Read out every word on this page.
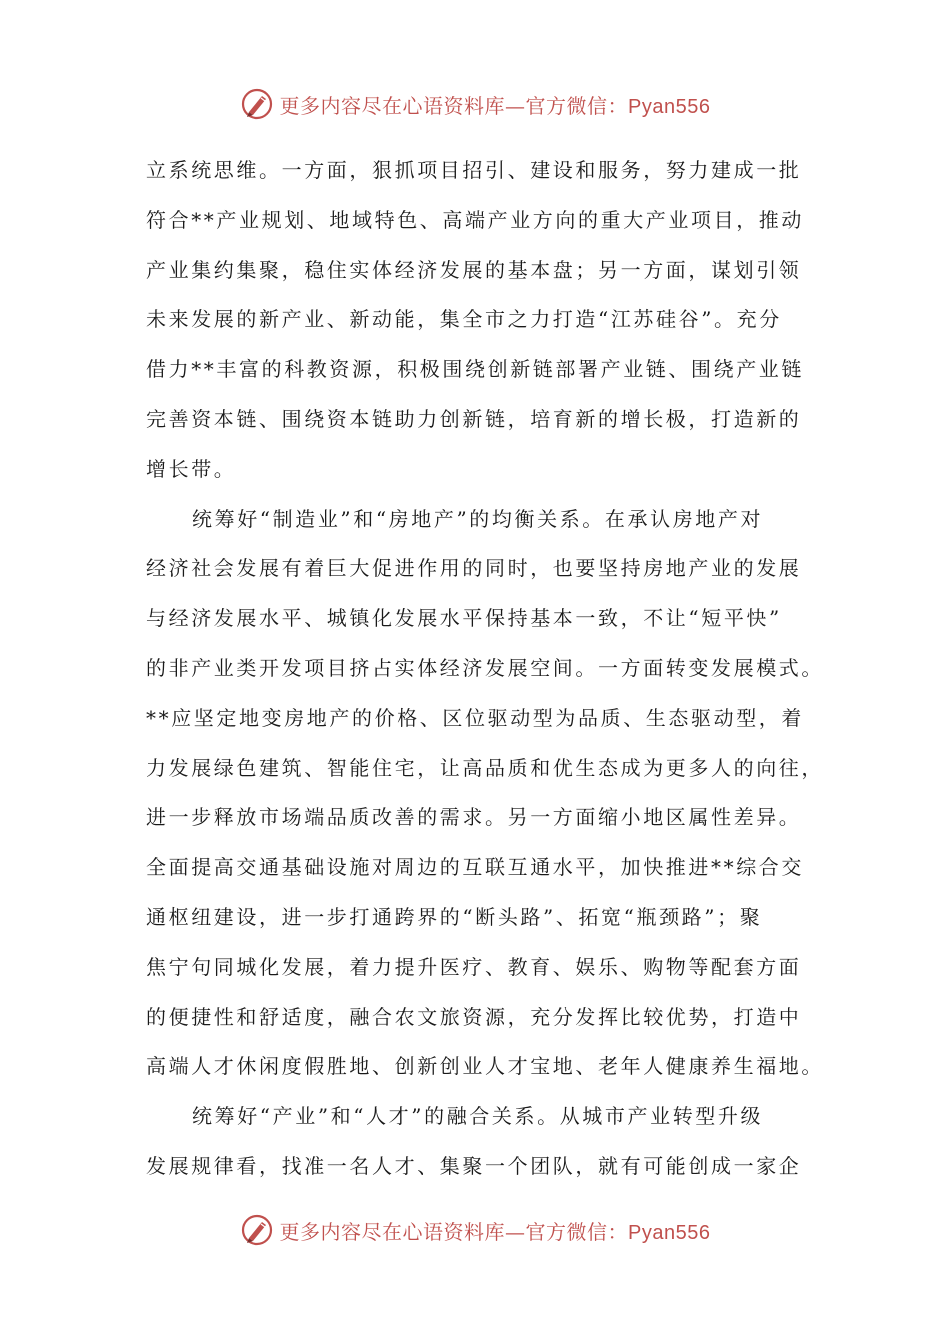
更多内容尽在心语资料库—官方微信：Pyan556
立系统思维。一方面，狠抓项目招引、建设和服务，努力建成一批
符合**产业规划、地域特色、高端产业方向的重大产业项目，推动
产业集约集聚，稳住实体经济发展的基本盘；另一方面，谋划引领
未来发展的新产业、新动能，集全市之力打造“江苏硅谷”。充分
借力**丰富的科教资源，积极围绕创新链部署产业链、围绕产业链
完善资本链、围绕资本链助力创新链，培育新的增长极，打造新的
增长带。
统筹好“制造业”和“房地产”的均衡关系。在承认房地产对
经济社会发展有着巨大促进作用的同时，也要坚持房地产业的发展
与经济发展水平、城镇化发展水平保持基本一致，不让“短平快”
的非产业类开发项目挤占实体经济发展空间。一方面转变发展模式。
**应坚定地变房地产的价格、区位驱动型为品质、生态驱动型，着
力发展绿色建筑、智能住宅，让高品质和优生态成为更多人的向往，
进一步释放市场端品质改善的需求。另一方面缩小地区属性差异。
全面提高交通基础设施对周边的互联互通水平，加快推进**综合交
通枢纽建设，进一步打通跨界的“断头路”、拓宽“瓶颈路”；聚
焦宁句同城化发展，着力提升医疗、教育、娱乐、购物等配套方面
的便捷性和舒适度，融合农文旅资源，充分发挥比较优势，打造中
高端人才休闲度假胜地、创新创业人才宝地、老年人健康养生福地。
统筹好“产业”和“人才”的融合关系。从城市产业转型升级
发展规律看，找准一名人才、集聚一个团队，就有可能创成一家企
更多内容尽在心语资料库—官方微信：Pyan556
